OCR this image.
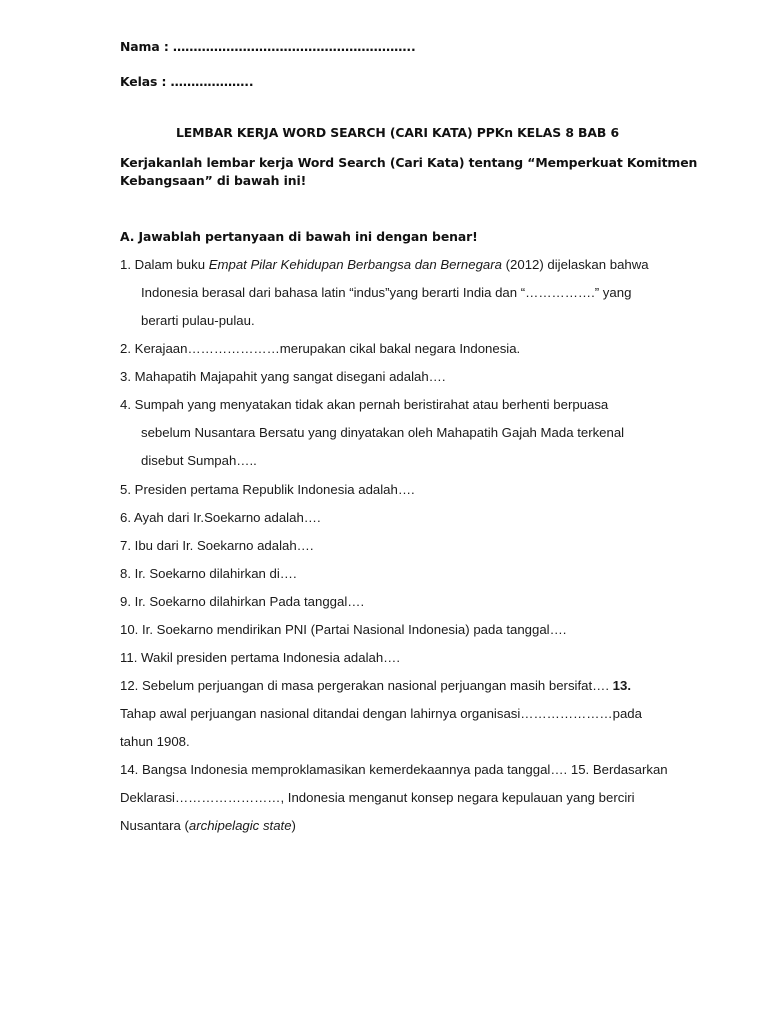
Nama : …………………………………………………..
Kelas : ………………..
LEMBAR KERJA WORD SEARCH (CARI KATA) PPKn KELAS 8 BAB 6
Kerjakanlah lembar kerja Word Search (Cari Kata) tentang “Memperkuat Komitmen
Kebangsaan” di bawah ini!
A. Jawablah pertanyaan di bawah ini dengan benar!
1. Dalam buku Empat Pilar Kehidupan Berbangsa dan Bernegara (2012) dijelaskan bahwa
Indonesia berasal dari bahasa latin “indus”yang berarti India dan “…………….” yang
berarti pulau-pulau.
2. Kerajaan…………………merupakan cikal bakal negara Indonesia.
3. Mahapatih Majapahit yang sangat disegani adalah….
4. Sumpah yang menyatakan tidak akan pernah beristirahat atau berhenti berpuasa
sebelum Nusantara Bersatu yang dinyatakan oleh Mahapatih Gajah Mada terkenal
disebut Sumpah…..
5. Presiden pertama Republik Indonesia adalah….
6. Ayah dari Ir.Soekarno adalah….
7. Ibu dari Ir. Soekarno adalah….
8. Ir. Soekarno dilahirkan di….
9. Ir. Soekarno dilahirkan Pada tanggal….
10. Ir. Soekarno mendirikan PNI (Partai Nasional Indonesia) pada tanggal….
11. Wakil presiden pertama Indonesia adalah….
12. Sebelum perjuangan di masa pergerakan nasional perjuangan masih bersifat…. 13.
Tahap awal perjuangan nasional ditandai dengan lahirnya organisasi…………………pada
tahun 1908.
14. Bangsa Indonesia memproklamasikan kemerdekaannya pada tanggal…. 15. Berdasarkan
Deklarasi……………………, Indonesia menganut konsep negara kepulauan yang berciri
Nusantara (archipelagic state)
